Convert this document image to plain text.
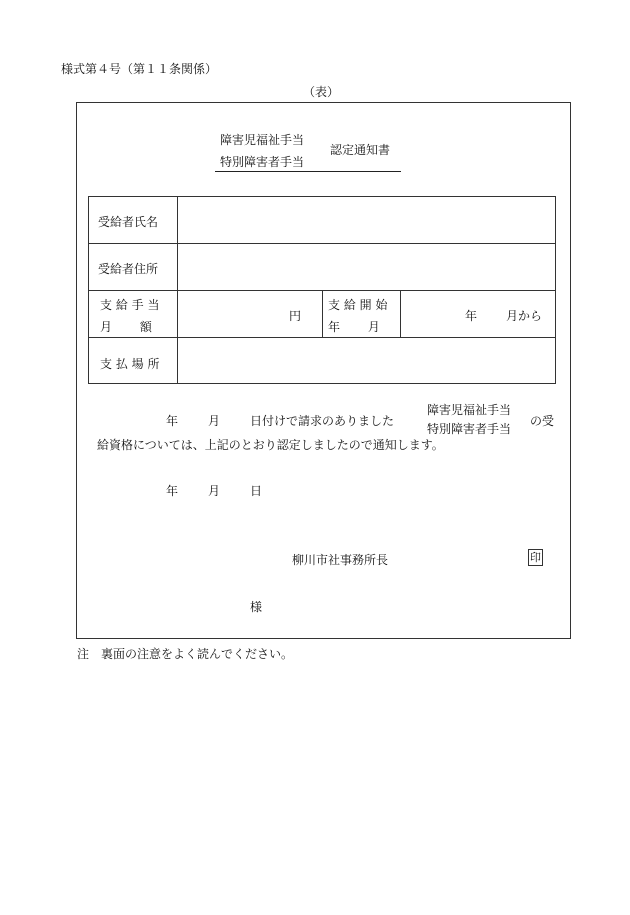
様式第４号（第１１条関係）
（表）
障害児福祉手当
特別障害者手当
認定通知書
受給者氏名
受給者住所
支 給 手 当
月　　 額
円
支 給 開 始
年　　 月
年 月から
支 払 場 所
年 月 日付けで請求のありました
障害児福祉手当
特別障害者手当
の受
給資格については、上記のとおり認定しましたので通知します。
年 月 日
柳川市社事務所長	印
様
注　裏面の注意をよく読んでください。
